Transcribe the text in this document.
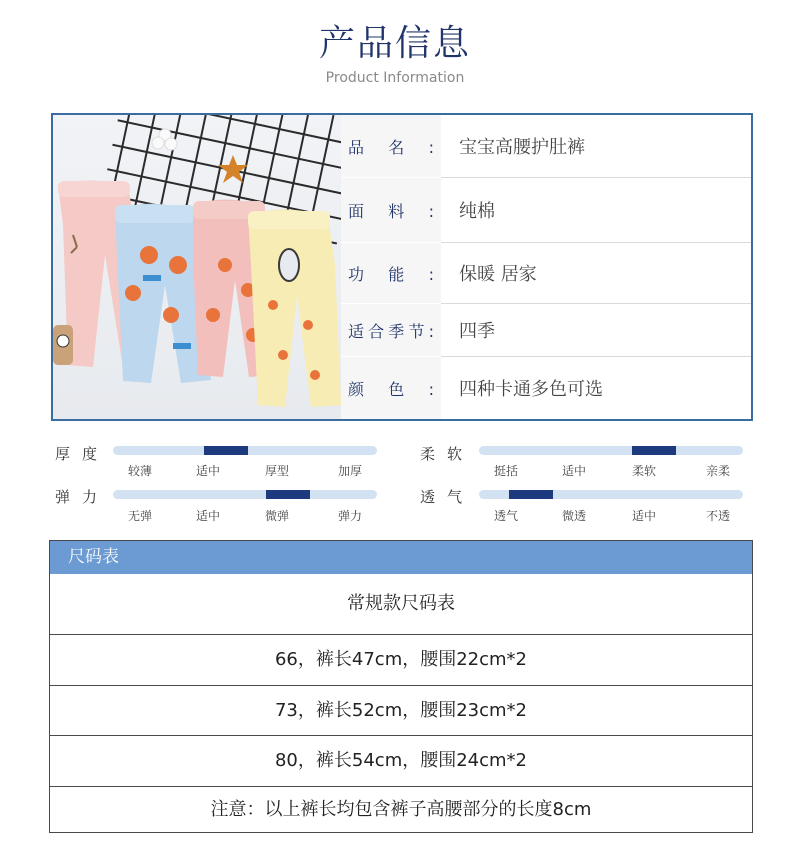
产品信息
Product Information
品名: 宝宝高腰护肚裤
面料: 纯棉
功能: 保暖 居家
适合季节: 四季
颜色: 四种卡通多色可选
厚度
较薄	适中	厚型	加厚
柔软
挺括	适中	柔软	亲柔
弹力
无弹	适中	微弹	弹力
透气
透气	微透	适中	不透
尺码表
常规款尺码表
66，裤长47cm，腰围22cm*2
73，裤长52cm，腰围23cm*2
80，裤长54cm，腰围24cm*2
注意：以上裤长均包含裤子高腰部分的长度8cm
